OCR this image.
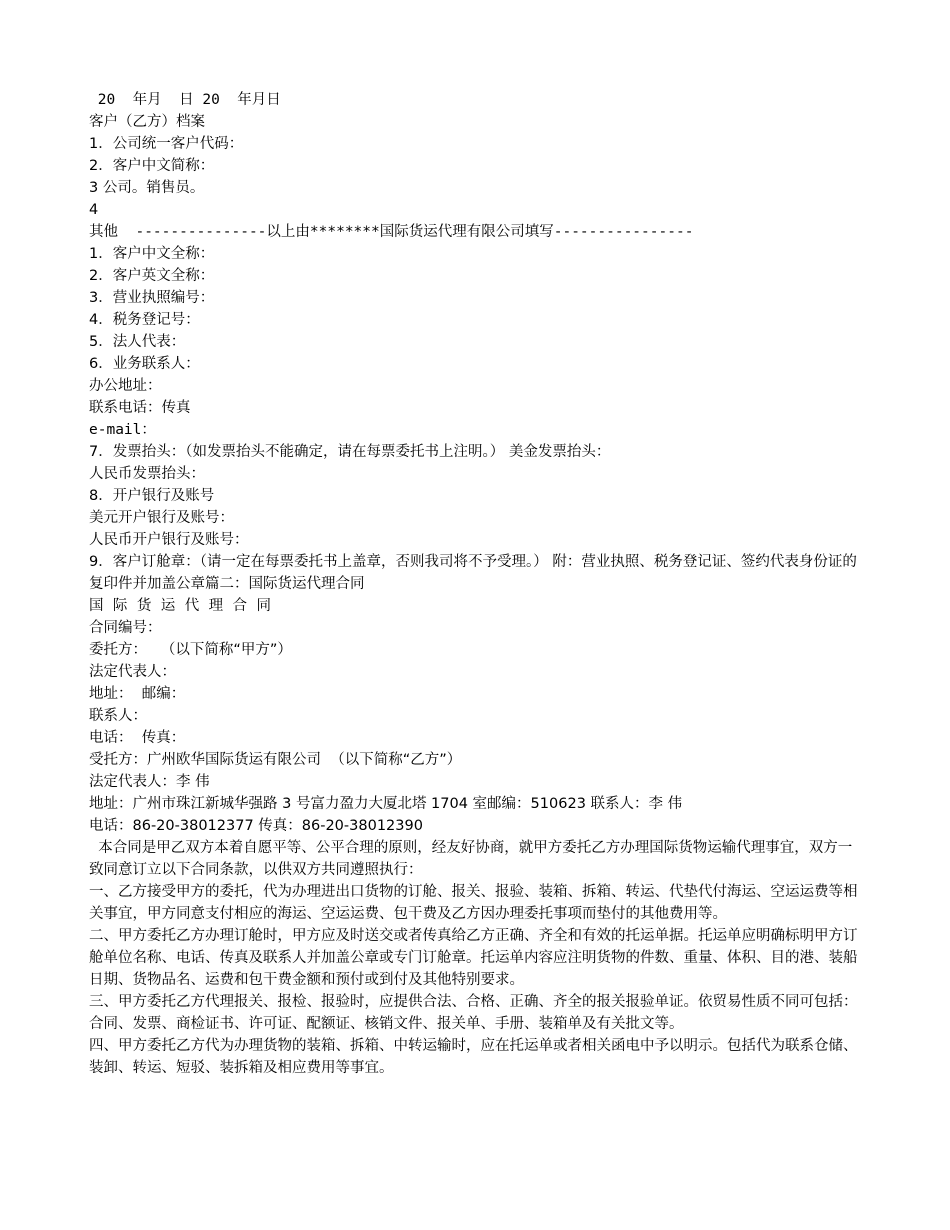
20  年月  日 20  年月日

客户（乙方）档案

1．公司统一客户代码：

2．客户中文简称：

3 公司。销售员。

4

其他  ---------------以上由********国际货运代理有限公司填写----------------

1．客户中文全称：

2．客户英文全称：

3．营业执照编号：

4．税务登记号：

5．法人代表：

6．业务联系人：

办公地址：

联系电话：传真

e-mail：

7．发票抬头：（如发票抬头不能确定，请在每票委托书上注明。） 美金发票抬头：

人民币发票抬头：

8．开户银行及账号

美元开户银行及账号：

人民币开户银行及账号：

9．客户订舱章：（请一定在每票委托书上盖章，否则我司将不予受理。） 附：营业执照、税务登记证、签约代表身份证的复印件并加盖公章篇二：国际货运代理合同

国际货运代理合同

合同编号：

委托方：   （以下简称“甲方”）

法定代表人：

地址：  邮编：

联系人：

电话：  传真：

受托方：广州欧华国际货运有限公司  （以下简称“乙方”）

法定代表人：李 伟

地址：广州市珠江新城华强路 3 号富力盈力大厦北塔 1704 室邮编：510623 联系人：李 伟

电话：86-20-38012377 传真：86-20-38012390

本合同是甲乙双方本着自愿平等、公平合理的原则，经友好协商，就甲方委托乙方办理国际货物运输代理事宜，双方一致同意订立以下合同条款，以供双方共同遵照执行：

一、乙方接受甲方的委托，代为办理进出口货物的订舱、报关、报验、装箱、拆箱、转运、代垫代付海运、空运运费等相关事宜，甲方同意支付相应的海运、空运运费、包干费及乙方因办理委托事项而垫付的其他费用等。

二、甲方委托乙方办理订舱时，甲方应及时送交或者传真给乙方正确、齐全和有效的托运单据。托运单应明确标明甲方订舱单位名称、电话、传真及联系人并加盖公章或专门订舱章。托运单内容应注明货物的件数、重量、体积、目的港、装船日期、货物品名、运费和包干费金额和预付或到付及其他特别要求。

三、甲方委托乙方代理报关、报检、报验时，应提供合法、合格、正确、齐全的报关报验单证。依贸易性质不同可包括：合同、发票、商检证书、许可证、配额证、核销文件、报关单、手册、装箱单及有关批文等。

四、甲方委托乙方代为办理货物的装箱、拆箱、中转运输时，应在托运单或者相关函电中予以明示。包括代为联系仓储、装卸、转运、短驳、装拆箱及相应费用等事宜。
